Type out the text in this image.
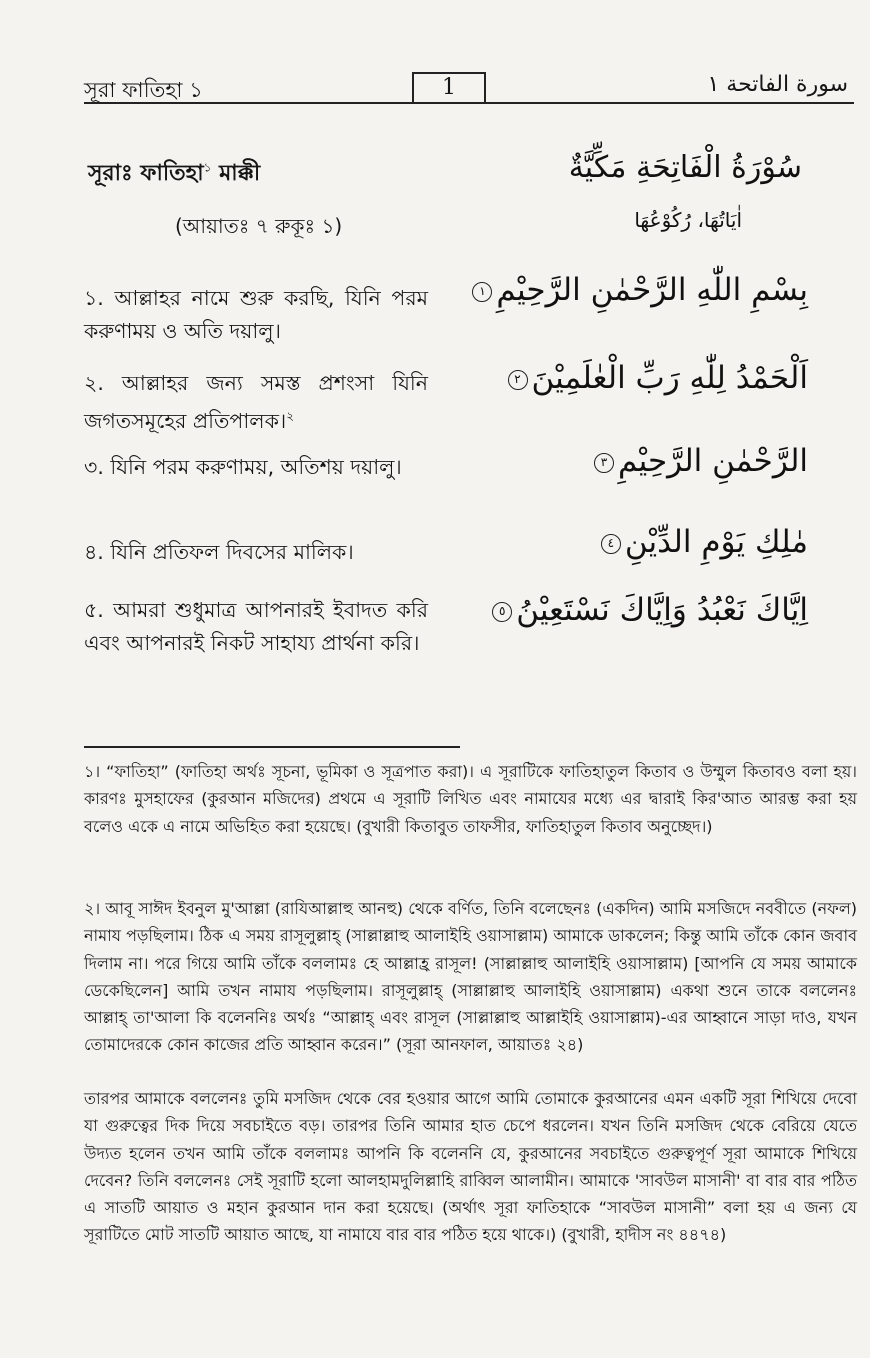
সূরা ফাতিহা ১	1	سورة الفاتحة ١
সূরাঃ ফাতিহা$^১$ মাক্কী
(আয়াতঃ ৭ রুকূঃ ১)
১. আল্লাহর নামে শুরু করছি, যিনি পরম করুণাময় ও অতি দয়ালু।
২. আল্লাহর জন্য সমস্ত প্রশংসা যিনি জগতসমূহের প্রতিপালক।$^২$
৩. যিনি পরম করুণাময়, অতিশয় দয়ালু।
৪. যিনি প্রতিফল দিবসের মালিক।
৫. আমরা শুধুমাত্র আপনারই ইবাদত করি এবং আপনারই নিকট সাহায্য প্রার্থনা করি।
سُوْرَةُ الْفَاتِحَةِ مَكِّيَّةٌ
اٰيَاتُهَا، رُكُوْعُهَا
بِسْمِ اللّٰهِ الرَّحْمٰنِ الرَّحِيْمِ١
اَلْحَمْدُ لِلّٰهِ رَبِّ الْعٰلَمِيْنَ٢
الرَّحْمٰنِ الرَّحِيْمِ٣
مٰلِكِ يَوْمِ الدِّيْنِ٤
اِيَّاكَ نَعْبُدُ وَاِيَّاكَ نَسْتَعِيْنُ٥
১। “ফাতিহা” (ফাতিহা অর্থঃ সূচনা, ভূমিকা ও সূত্রপাত করা)। এ সূরাটিকে ফাতিহাতুল কিতাব ও উম্মুল কিতাবও বলা হয়। কারণঃ মুসহাফের (কুরআন মজিদের) প্রথমে এ সূরাটি লিখিত এবং নামাযের মধ্যে এর দ্বারাই কির'আত আরম্ভ করা হয় বলেও একে এ নামে অভিহিত করা হয়েছে। (বুখারী কিতাবুত তাফসীর, ফাতিহাতুল কিতাব অনুচ্ছেদ।)
২। আবূ সাঈদ ইবনুল মু'আল্লা (রাযিআল্লাহু আনহু) থেকে বর্ণিত, তিনি বলেছেনঃ (একদিন) আমি মসজিদে নববীতে (নফল) নামায পড়ছিলাম। ঠিক এ সময় রাসূলুল্লাহ্ (সাল্লাল্লাহু আলাইহি ওয়াসাল্লাম) আমাকে ডাকলেন; কিন্তু আমি তাঁকে কোন জবাব দিলাম না। পরে গিয়ে আমি তাঁকে বললামঃ হে আল্লাহ্র রাসূল! (সাল্লাল্লাহু আলাইহি ওয়াসাল্লাম) [আপনি যে সময় আমাকে ডেকেছিলেন] আমি তখন নামায পড়ছিলাম। রাসূলুল্লাহ্ (সাল্লাল্লাহু আলাইহি ওয়াসাল্লাম) একথা শুনে তাকে বললেনঃ আল্লাহ্ তা'আলা কি বলেননিঃ অর্থঃ “আল্লাহ্ এবং রাসূল (সাল্লাল্লাহু আল্লাইহি ওয়াসাল্লাম)-এর আহ্বানে সাড়া দাও, যখন তোমাদেরকে কোন কাজের প্রতি আহ্বান করেন।” (সূরা আনফাল, আয়াতঃ ২৪)
তারপর আমাকে বললেনঃ তুমি মসজিদ থেকে বের হওয়ার আগে আমি তোমাকে কুরআনের এমন একটি সূরা শিখিয়ে দেবো যা গুরুত্বের দিক দিয়ে সবচাইতে বড়। তারপর তিনি আমার হাত চেপে ধরলেন। যখন তিনি মসজিদ থেকে বেরিয়ে যেতে উদ্যত হলেন তখন আমি তাঁকে বললামঃ আপনি কি বলেননি যে, কুরআনের সবচাইতে গুরুত্বপূর্ণ সূরা আমাকে শিখিয়ে দেবেন? তিনি বললেনঃ সেই সূরাটি হলো আলহামদুলিল্লাহি রাব্বিল আলামীন। আমাকে 'সাবউল মাসানী' বা বার বার পঠিত এ সাতটি আয়াত ও মহান কুরআন দান করা হয়েছে। (অর্থাৎ সূরা ফাতিহাকে “সাবউল মাসানী” বলা হয় এ জন্য যে সূরাটিতে মোট সাতটি আয়াত আছে, যা নামাযে বার বার পঠিত হয়ে থাকে।) (বুখারী, হাদীস নং ৪৪৭৪)
